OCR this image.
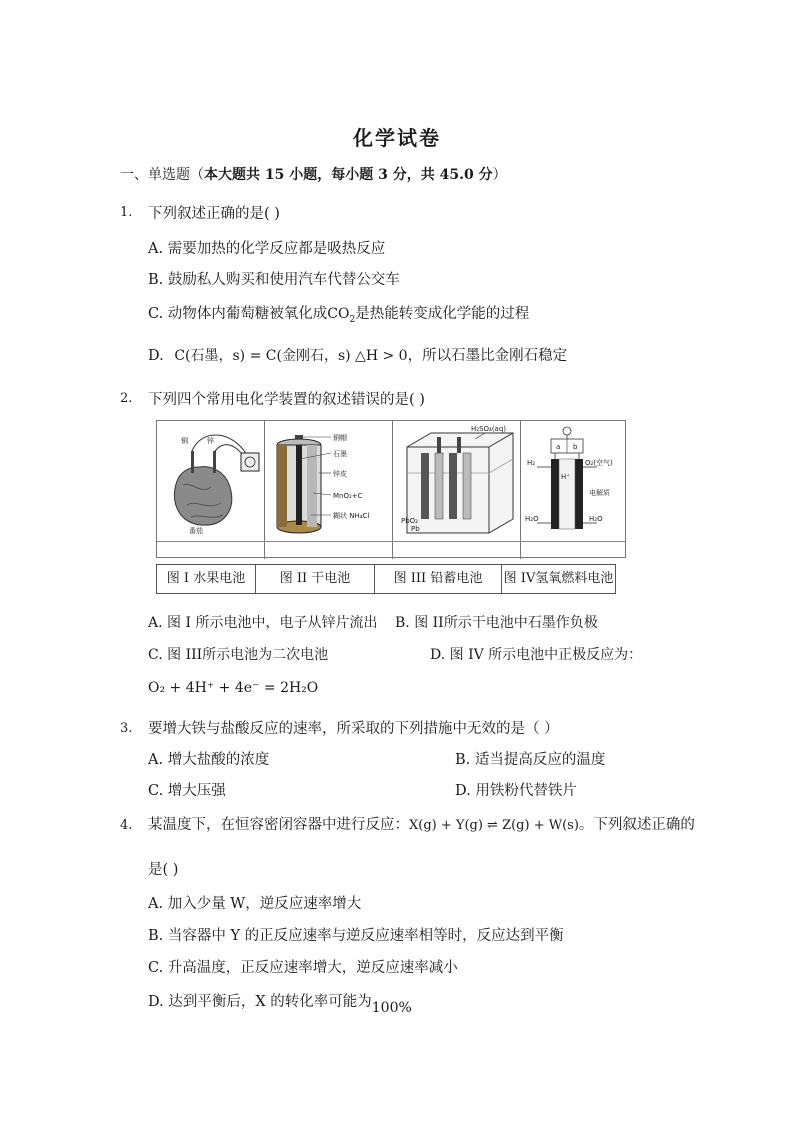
化学试卷
一、单选题（本大题共 15 小题，每小题 3 分，共 45.0 分）
1. 下列叙述正确的是( )
A. 需要加热的化学反应都是吸热反应
B. 鼓励私人购买和使用汽车代替公交车
C. 动物体内葡萄糖被氧化成$CO_2$是热能转变成化学能的过程
D. C(石墨，s) = C(金刚石，s) △H > 0，所以石墨比金刚石稳定
2. 下列四个常用电化学装置的叙述错误的是( )
铜	锌
番茄
铜帽
石墨
锌皮
MnO₂+C
糊状 NH₄Cl
H₂SO₄(aq)
PbO₂
Pb
a b
H₂	O₂(空气)
H⁺
电解质
H₂O	H₂O
图 I 水果电池	图 II 干电池	图 III 铅蓄电池	图 IV氢氧燃料电池
A. 图 I 所示电池中，电子从锌片流出 B. 图 II所示干电池中石墨作负极
C. 图 III所示电池为二次电池	D. 图 IV 所示电池中正极反应为：
O₂ + 4H⁺ + 4e⁻ = 2H₂O
3. 要增大铁与盐酸反应的速率，所采取的下列措施中无效的是（ ）
A. 增大盐酸的浓度	B. 适当提高反应的温度
C. 增大压强	D. 用铁粉代替铁片
4. 某温度下，在恒容密闭容器中进行反应：X(g) + Y(g) ⇌ Z(g) + W(s)。下列叙述正确的
是( )
A. 加入少量 W，逆反应速率增大
B. 当容器中 Y 的正反应速率与逆反应速率相等时，反应达到平衡
C. 升高温度，正反应速率增大，逆反应速率减小
D. 达到平衡后，X 的转化率可能为100%
